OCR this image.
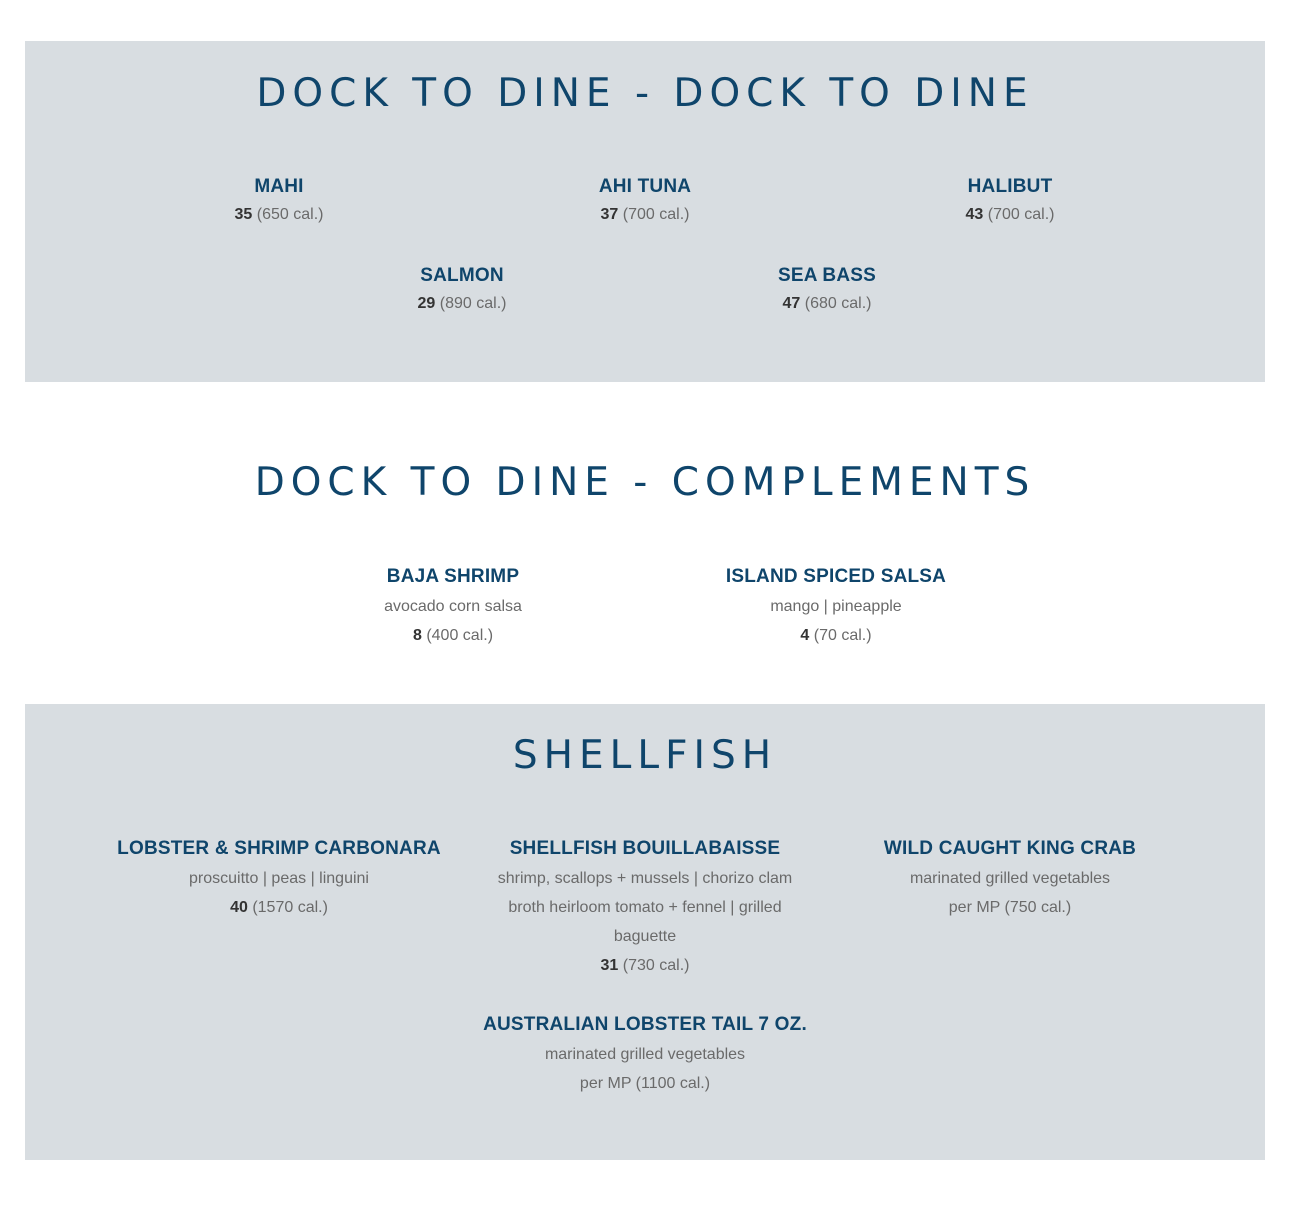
DOCK TO DINE - DOCK TO DINE
MAHI
35 (650 cal.)
AHI TUNA
37 (700 cal.)
HALIBUT
43 (700 cal.)
SALMON
29 (890 cal.)
SEA BASS
47 (680 cal.)
DOCK TO DINE - COMPLEMENTS
BAJA SHRIMP
avocado corn salsa
8 (400 cal.)
ISLAND SPICED SALSA
mango | pineapple
4 (70 cal.)
SHELLFISH
LOBSTER & SHRIMP CARBONARA
proscuitto | peas | linguini
40 (1570 cal.)
SHELLFISH BOUILLABAISSE
shrimp, scallops + mussels | chorizo clam broth heirloom tomato + fennel | grilled baguette
31 (730 cal.)
WILD CAUGHT KING CRAB
marinated grilled vegetables
per MP (750 cal.)
AUSTRALIAN LOBSTER TAIL 7 OZ.
marinated grilled vegetables
per MP (1100 cal.)
